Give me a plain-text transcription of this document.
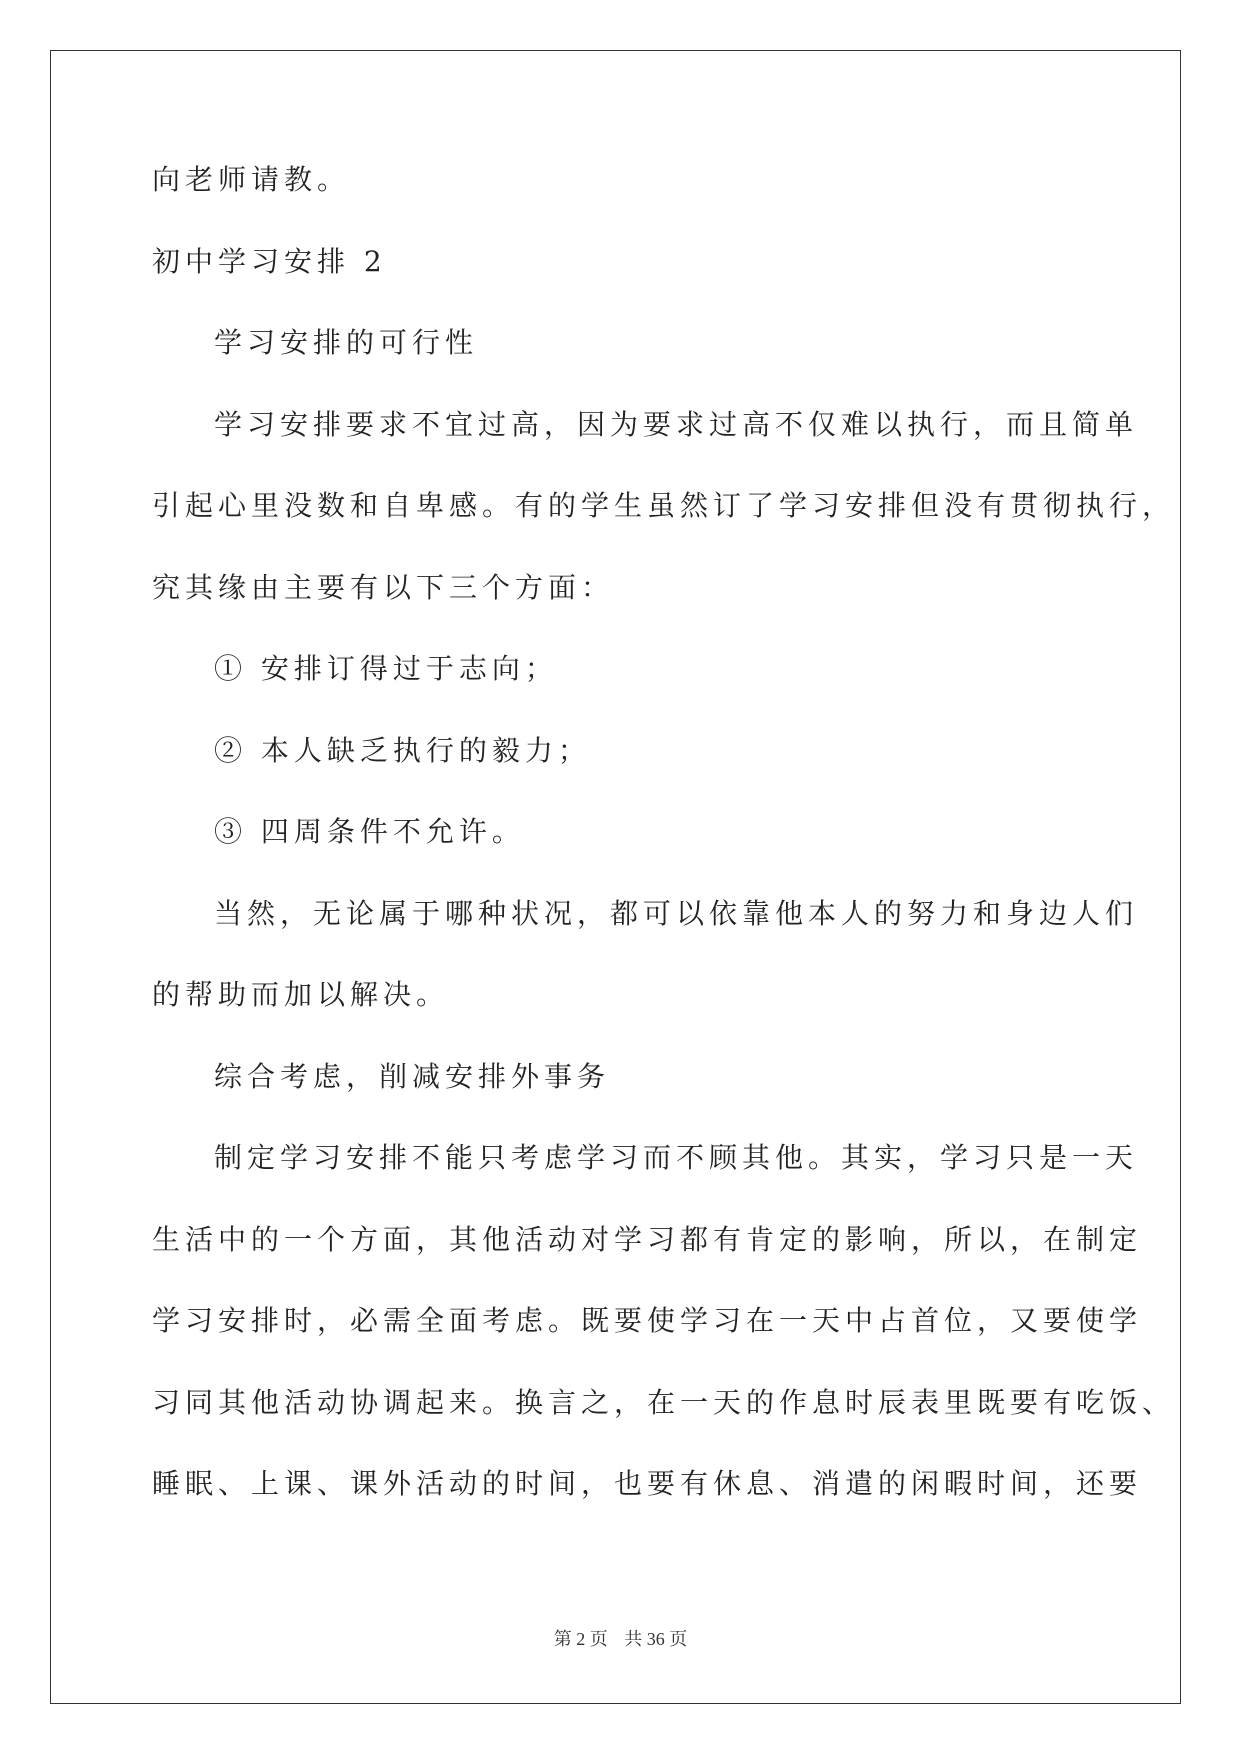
向老师请教。
初中学习安排 2
学习安排的可行性
学习安排要求不宜过高，因为要求过高不仅难以执行，而且简单
引起心里没数和自卑感。有的学生虽然订了学习安排但没有贯彻执行，
究其缘由主要有以下三个方面：
① 安排订得过于志向；
② 本人缺乏执行的毅力；
③ 四周条件不允许。
当然，无论属于哪种状况，都可以依靠他本人的努力和身边人们
的帮助而加以解决。
综合考虑，削减安排外事务
制定学习安排不能只考虑学习而不顾其他。其实，学习只是一天
生活中的一个方面，其他活动对学习都有肯定的影响，所以，在制定
学习安排时，必需全面考虑。既要使学习在一天中占首位，又要使学
习同其他活动协调起来。换言之，在一天的作息时辰表里既要有吃饭、
睡眠、上课、课外活动的时间，也要有休息、消遣的闲暇时间，还要
第 2 页 共 36 页
